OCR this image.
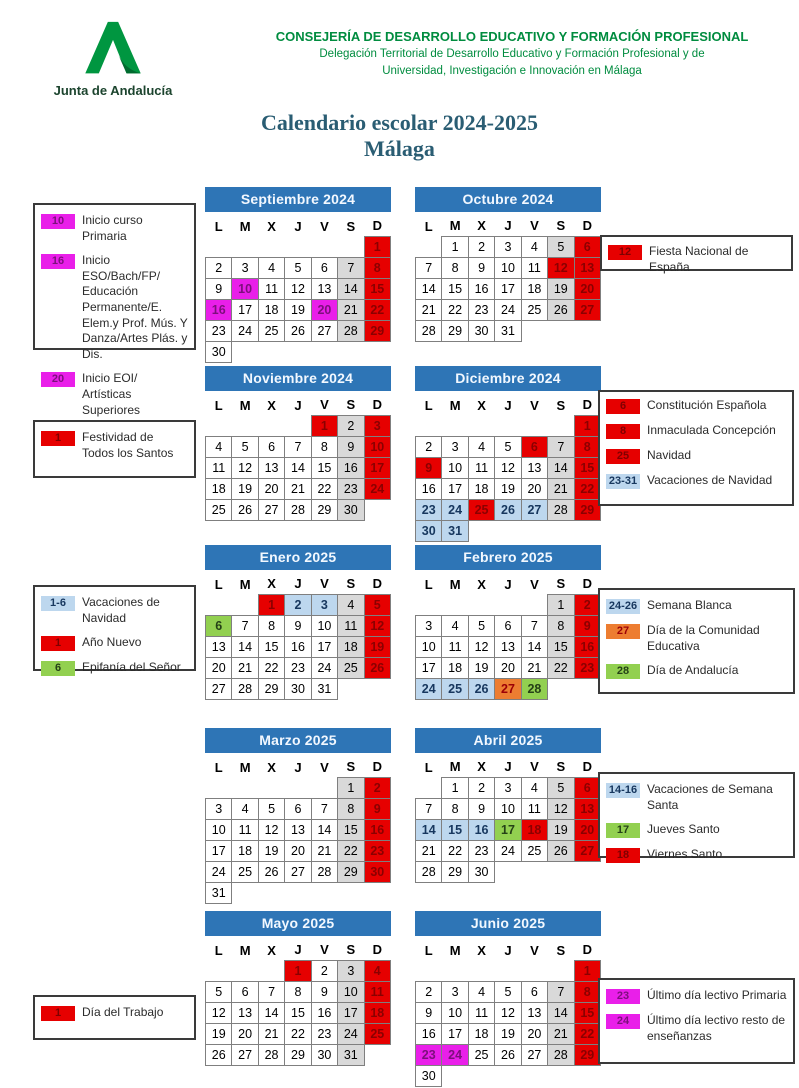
Junta de Andalucía
CONSEJERÍA DE DESARROLLO EDUCATIVO Y FORMACIÓN PROFESIONAL
Delegación Territorial de Desarrollo Educativo y Formación Profesional y de
Universidad, Investigación e Innovación en Málaga
Calendario escolar 2024-2025
Málaga
Septiembre 2024
L	M	X	J	V	S	D
						1
2	3	4	5	6	7	8
9	10	11	12	13	14	15
16	17	18	19	20	21	22
23	24	25	26	27	28	29
30						
Octubre 2024
L	M	X	J	V	S	D
	1	2	3	4	5	6
7	8	9	10	11	12	13
14	15	16	17	18	19	20
21	22	23	24	25	26	27
28	29	30	31			
Noviembre 2024
L	M	X	J	V	S	D
				1	2	3
4	5	6	7	8	9	10
11	12	13	14	15	16	17
18	19	20	21	22	23	24
25	26	27	28	29	30	
Diciembre 2024
L	M	X	J	V	S	D
						1
2	3	4	5	6	7	8
9	10	11	12	13	14	15
16	17	18	19	20	21	22
23	24	25	26	27	28	29
30	31					
Enero 2025
L	M	X	J	V	S	D
		1	2	3	4	5
6	7	8	9	10	11	12
13	14	15	16	17	18	19
20	21	22	23	24	25	26
27	28	29	30	31		
Febrero 2025
L	M	X	J	V	S	D
					1	2
3	4	5	6	7	8	9
10	11	12	13	14	15	16
17	18	19	20	21	22	23
24	25	26	27	28		
Marzo 2025
L	M	X	J	V	S	D
					1	2
3	4	5	6	7	8	9
10	11	12	13	14	15	16
17	18	19	20	21	22	23
24	25	26	27	28	29	30
31						
Abril 2025
L	M	X	J	V	S	D
	1	2	3	4	5	6
7	8	9	10	11	12	13
14	15	16	17	18	19	20
21	22	23	24	25	26	27
28	29	30				
Mayo 2025
L	M	X	J	V	S	D
			1	2	3	4
5	6	7	8	9	10	11
12	13	14	15	16	17	18
19	20	21	22	23	24	25
26	27	28	29	30	31	
Junio 2025
L	M	X	J	V	S	D
						1
2	3	4	5	6	7	8
9	10	11	12	13	14	15
16	17	18	19	20	21	22
23	24	25	26	27	28	29
30						
10	Inicio curso Primaria
16	Inicio ESO/Bach/FP/ Educación Permanente/E. Elem.y Prof. Mús. Y Danza/Artes Plás. y Dis.
20	Inicio EOI/ Artísticas Superiores
12	Fiesta Nacional de España
1	Festividad de Todos los Santos
6	Constitución Española
8	Inmaculada Concepción
25	Navidad
23-31 Vacaciones de Navidad
1-6	Vacaciones de Navidad
1	Año Nuevo
6	Epifanía del Señor
24-26 Semana Blanca
27	Día de la Comunidad Educativa
28	Día de Andalucía
14-16 Vacaciones de Semana Santa
17	Jueves Santo
18	Viernes Santo
1	Día del Trabajo
23	Último día lectivo Primaria
24	Último día lectivo resto de enseñanzas
